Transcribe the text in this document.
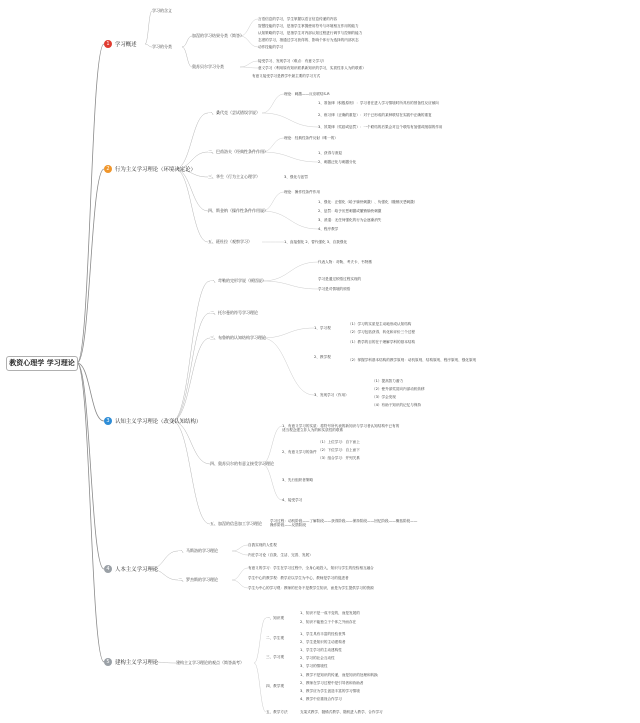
教资心理学 学习理论
1	学习概述
2	行为主义学习理论（环境决定论）
3	认知主义学习理论（改变认知结构）
4	人本主义学习理论
5	建构主义学习理论
学习的含义
学习的分类
加涅的学习结果分类（简答）
奥苏贝尔学习分类
言语信息的学习，学生掌握以语言信息传递的内容
智慧技能的学习，是指学生掌握使用符号与环境相互作用的能力
认知策略的学习，是指学生对内部认知过程进行调节与控制的能力
态度的学习，指通过学习获得的、影响个体行为选择的内部状态
动作技能的学习
接受学习、发现学习（难点：有意义学习）
意义学习（利用原有知识联系新知识的学习，实质性非人为的联系）
有意义接受学习是教学中最主要的学习方式
一、桑代克（尝试错误学说）
二、巴甫洛夫（经典性条件作用）
三、华生（行为主义心理学）
四、斯金纳（操作性条件作用说）
五、班杜拉（观察学习）
理论：刺激——反应联结S-R
1、准备律（积极原则）：学习者在进入学习情境时所具有的预备性反应倾向
2、练习律（正确的重复）：对于已形成的某种联结在实践中正确的重复
3、效果律（奖励或惩罚）：一个联结的后果会对这个联结有加强或削弱的作用
理论：经典性条件反射（唯一的）
1、获得与消退
2、刺激泛化与刺激分化
3、强化与惩罚
理论：操作性条件作用
1、强化：正强化（给予愉快刺激）、负强化（撤销厌恶刺激）
2、惩罚：给予厌恶刺激或撤销愉快刺激
3、消退：无任何强化的行为会逐渐消失
4、程序教学
1、直接强化 2、替代强化 3、自我强化
一、苛勒的完形学说（顿悟说）
二、托尔曼的符号学习理论
三、布鲁纳的认知结构学习理论
四、奥苏贝尔的有意义接受学习理论
五、加涅的信息加工学习理论
代表人物：苛勒、考夫卡、韦特墨
学习是通过顿悟过程实现的
学习是对情境的顿悟
1、学习观
（1）学习的实质是主动地形成认知结构
（2）学习包括获得、转化和评价三个过程
2、教学观
（1）教学的目的在于理解学科的基本结构
（2）掌握学科基本结构的教学原则：动机原则、结构原则、程序原则、强化原则
3、发现学习（作用）
（1）提高智力潜力
（2）使外部奖赏向内部动机转移
（3）学会发现
（4）有助于知识的记忆与保持
1、有意义学习的实质：将符号所代表的新知识与学习者认知结构中已有的适当观念建立非人为的和实质性的联系
2、有意义学习的条件
（1）上位学习：自下而上
（2）下位学习：自上而下
（3）组合学习：并列关系
3、先行组织者策略
4、接受学习
学习过程：动机阶段——了解阶段——获得阶段——保持阶段——回忆阶段——概括阶段——操作阶段——反馈阶段
一、马斯洛的学习理论
二、罗杰斯的学习理论
自我实现的人性观
内在学习论（自我、生活、完善、发展）
有意义的学习：学生在学习过程中，全身心地投入，知识与学生的经验相互融合
学生中心的教学观：教学应以学生为中心，教师是学习的促进者
学生为中心的学习观：教师的任务不是教学生知识，而是为学生提供学习的资源
建构主义学习理论的观点（简答高考）
一、知识观
1、知识不是一成不变的，而是发展的
2、知识不能独立于个体之外而存在
二、学生观
1、学生具有丰富的经验世界
2、学生是知识的主动建构者
三、学习观
1、学生学习的主动建构性
2、学习的社会互动性
3、学习的情境性
四、教学观
1、教学不是知识的传递，而是知识的处理和转换
2、教师在学习过程中是引导者和协助者
3、教学应为学生创造丰富的学习情境
4、教学中应重视合作学习
五、教学方法	支架式教学、抛锚式教学、随机进入教学、合作学习
